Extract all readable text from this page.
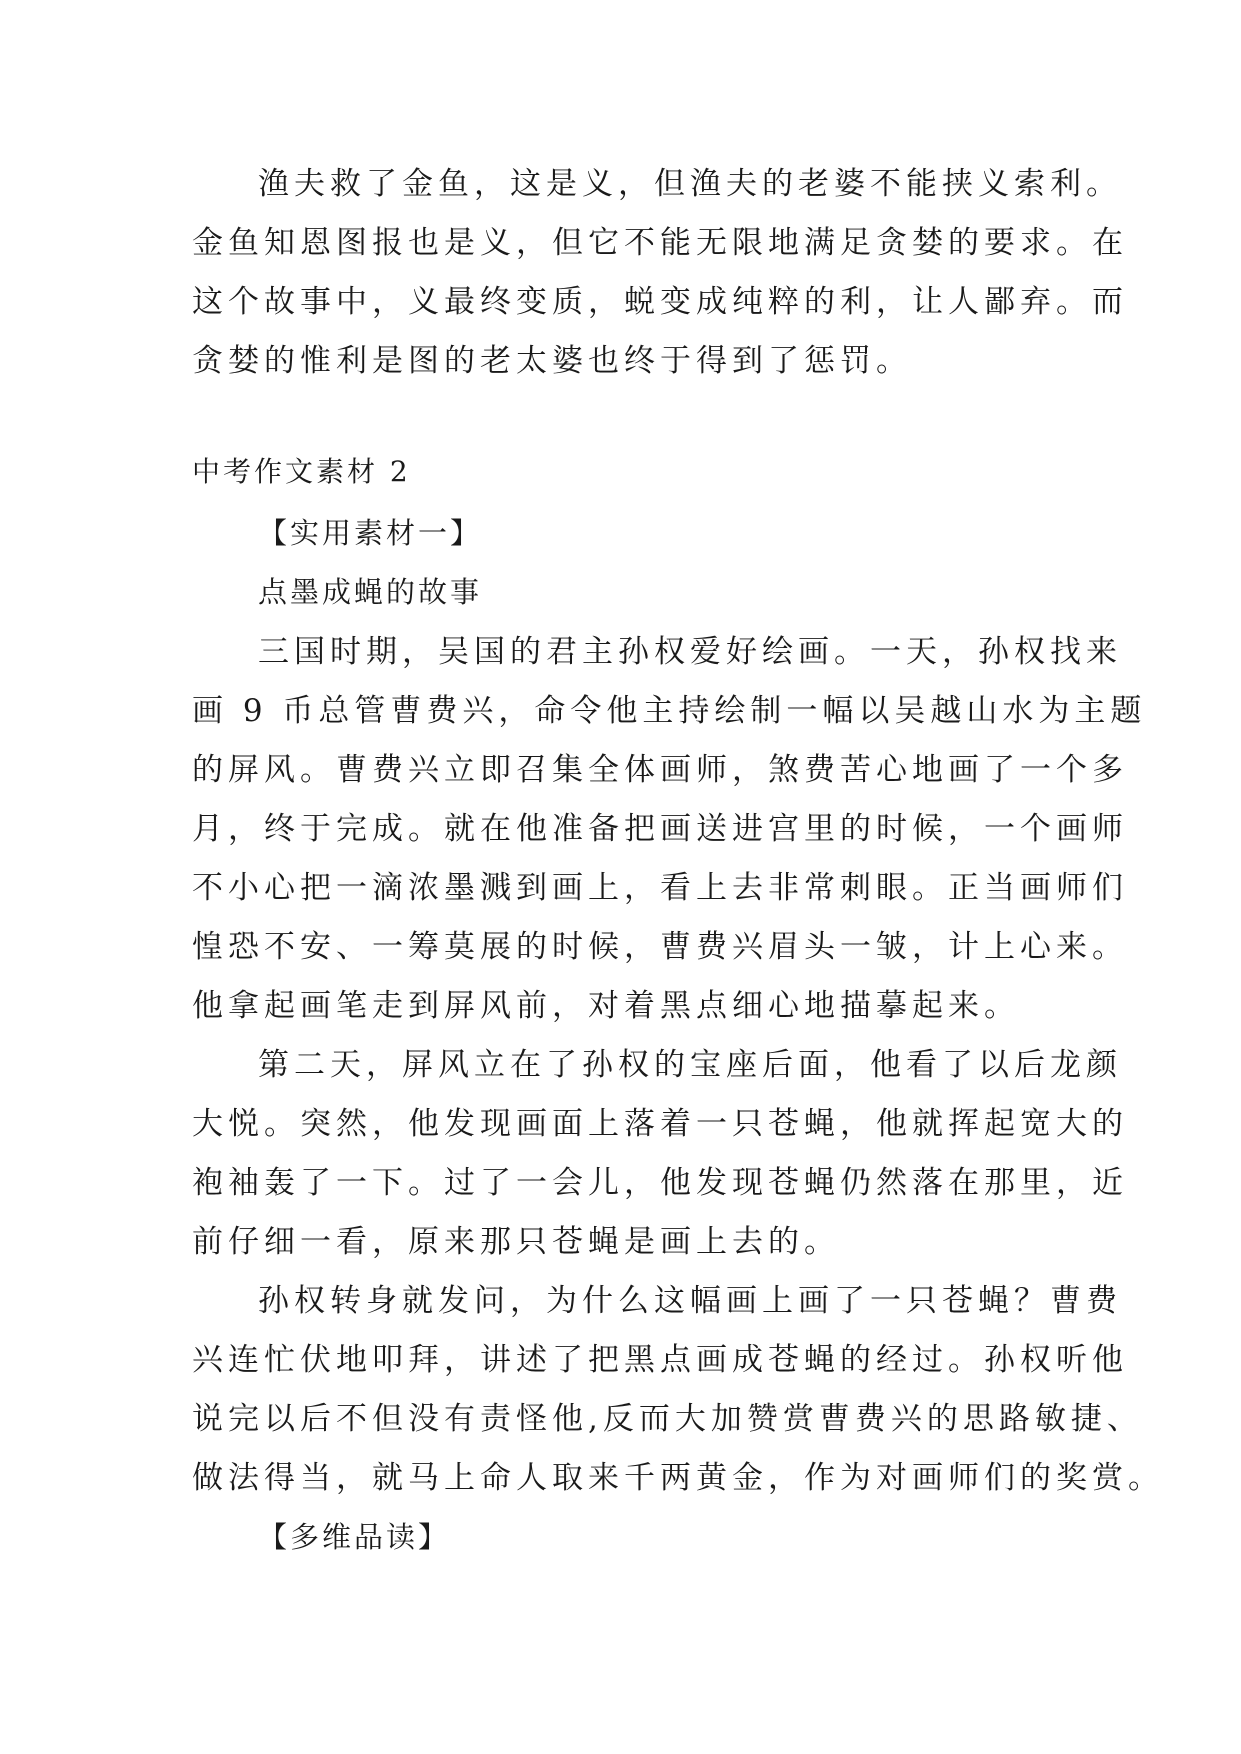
渔夫救了金鱼，这是义，但渔夫的老婆不能挟义索利。
金鱼知恩图报也是义，但它不能无限地满足贪婪的要求。在
这个故事中，义最终变质，蜕变成纯粹的利，让人鄙弃。而
贪婪的惟利是图的老太婆也终于得到了惩罚。
中考作文素材 2
【实用素材一】
点墨成蝇的故事
三国时期，吴国的君主孙权爱好绘画。一天，孙权找来
画 9 币总管曹费兴，命令他主持绘制一幅以吴越山水为主题
的屏风。曹费兴立即召集全体画师，煞费苦心地画了一个多
月，终于完成。就在他准备把画送进宫里的时候，一个画师
不小心把一滴浓墨溅到画上，看上去非常刺眼。正当画师们
惶恐不安、一筹莫展的时候，曹费兴眉头一皱，计上心来。
他拿起画笔走到屏风前，对着黑点细心地描摹起来。
第二天，屏风立在了孙权的宝座后面，他看了以后龙颜
大悦。突然，他发现画面上落着一只苍蝇，他就挥起宽大的
袍袖轰了一下。过了一会儿，他发现苍蝇仍然落在那里，近
前仔细一看，原来那只苍蝇是画上去的。
孙权转身就发问，为什么这幅画上画了一只苍蝇？曹费
兴连忙伏地叩拜，讲述了把黑点画成苍蝇的经过。孙权听他
说完以后不但没有责怪他,反而大加赞赏曹费兴的思路敏捷、
做法得当，就马上命人取来千两黄金，作为对画师们的奖赏。
【多维品读】
